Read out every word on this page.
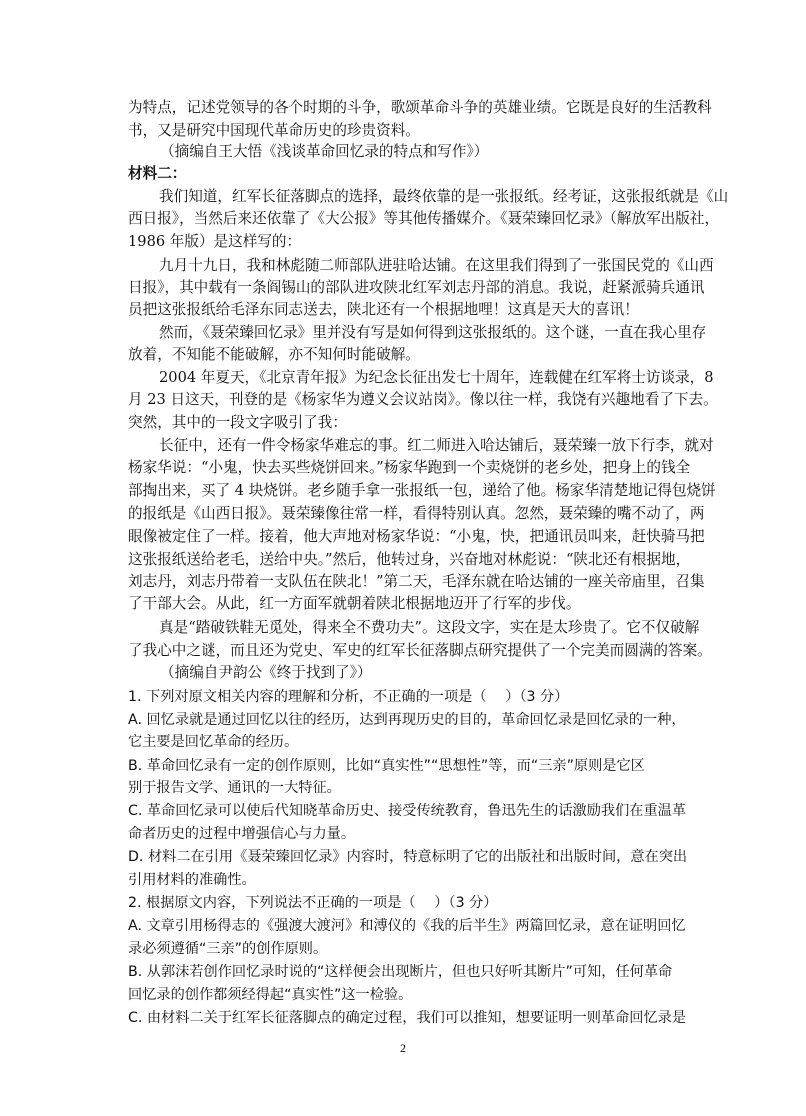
为特点，记述党领导的各个时期的斗争，歌颂革命斗争的英雄业绩。它既是良好的生活教科
书，又是研究中国现代革命历史的珍贵资料。
（摘编自王大悟《浅谈革命回忆录的特点和写作》）
材料二：
我们知道，红军长征落脚点的选择，最终依靠的是一张报纸。经考证，这张报纸就是《山
西日报》，当然后来还依靠了《大公报》等其他传播媒介。《聂荣臻回忆录》（解放军出版社，
1986 年版）是这样写的：
九月十九日，我和林彪随二师部队进驻哈达铺。在这里我们得到了一张国民党的《山西
日报》，其中载有一条阎锡山的部队进攻陕北红军刘志丹部的消息。我说，赶紧派骑兵通讯
员把这张报纸给毛泽东同志送去，陕北还有一个根据地哩！这真是天大的喜讯！
然而，《聂荣臻回忆录》里并没有写是如何得到这张报纸的。这个谜，一直在我心里存
放着，不知能不能破解，亦不知何时能破解。
2004 年夏天，《北京青年报》为纪念长征出发七十周年，连载健在红军将士访谈录，8
月 23 日这天，刊登的是《杨家华为遵义会议站岗》。像以往一样，我饶有兴趣地看了下去。
突然，其中的一段文字吸引了我：
长征中，还有一件令杨家华难忘的事。红二师进入哈达铺后，聂荣臻一放下行李，就对
杨家华说：“小鬼，快去买些烧饼回来。”杨家华跑到一个卖烧饼的老乡处，把身上的钱全
部掏出来，买了 4 块烧饼。老乡随手拿一张报纸一包，递给了他。杨家华清楚地记得包烧饼
的报纸是《山西日报》。聂荣臻像往常一样，看得特别认真。忽然，聂荣臻的嘴不动了，两
眼像被定住了一样。接着，他大声地对杨家华说：“小鬼，快，把通讯员叫来，赶快骑马把
这张报纸送给老毛，送给中央。”然后，他转过身，兴奋地对林彪说：“陕北还有根据地，
刘志丹，刘志丹带着一支队伍在陕北！”第二天，毛泽东就在哈达铺的一座关帝庙里，召集
了干部大会。从此，红一方面军就朝着陕北根据地迈开了行军的步伐。
真是“踏破铁鞋无觅处，得来全不费功夫”。这段文字，实在是太珍贵了。它不仅破解
了我心中之谜，而且还为党史、军史的红军长征落脚点研究提供了一个完美而圆满的答案。
（摘编自尹韵公《终于找到了》）
1. 下列对原文相关内容的理解和分析，不正确的一项是（　 ）（3 分）
A. 回忆录就是通过回忆以往的经历，达到再现历史的目的，革命回忆录是回忆录的一种，
它主要是回忆革命的经历。
B. 革命回忆录有一定的创作原则，比如“真实性”“思想性”等，而“三亲”原则是它区
别于报告文学、通讯的一大特征。
C. 革命回忆录可以使后代知晓革命历史、接受传统教育，鲁迅先生的话激励我们在重温革
命者历史的过程中增强信心与力量。
D. 材料二在引用《聂荣臻回忆录》内容时，特意标明了它的出版社和出版时间，意在突出
引用材料的准确性。
2. 根据原文内容，下列说法不正确的一项是（　 ）（3 分）
A. 文章引用杨得志的《强渡大渡河》和溥仪的《我的后半生》两篇回忆录，意在证明回忆
录必须遵循“三亲”的创作原则。
B. 从郭沫若创作回忆录时说的“这样便会出现断片，但也只好听其断片”可知，任何革命
回忆录的创作都须经得起“真实性”这一检验。
C. 由材料二关于红军长征落脚点的确定过程，我们可以推知，想要证明一则革命回忆录是
2
